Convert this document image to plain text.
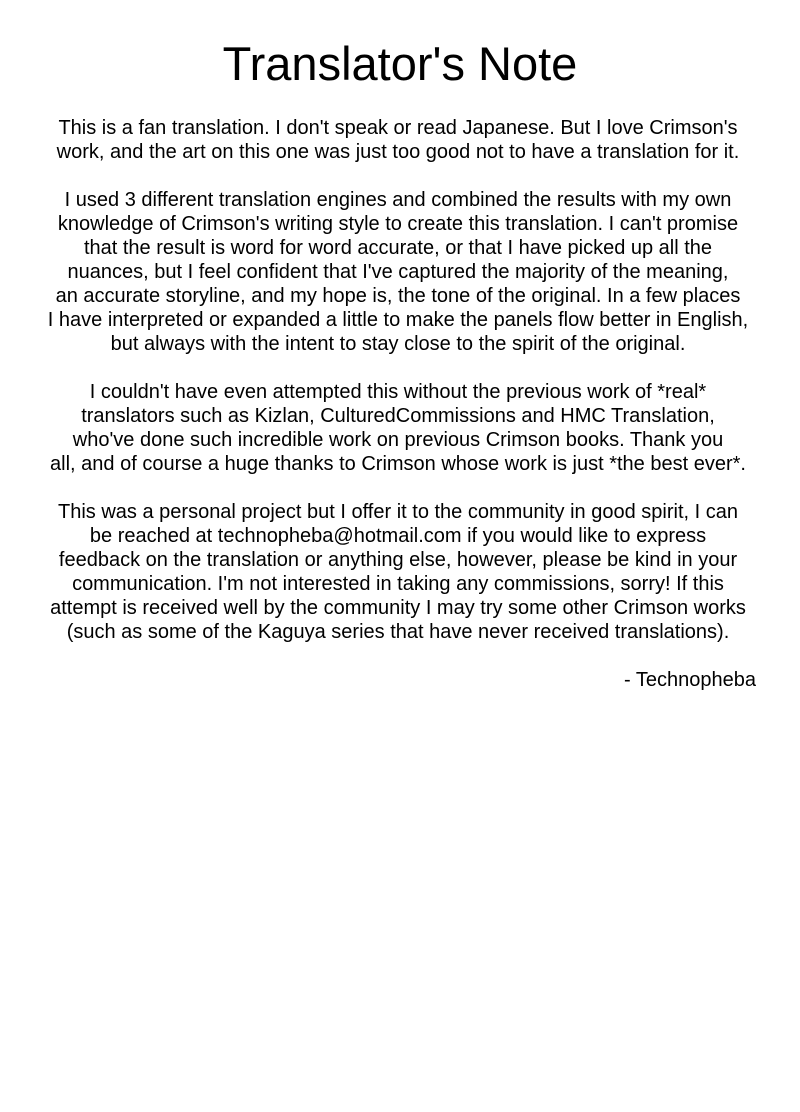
Translator's Note
This is a fan translation. I don't speak or read Japanese. But I love Crimson's
work, and the art on this one was just too good not to have a translation for it.
I used 3 different translation engines and combined the results with my own
knowledge of Crimson's writing style to create this translation. I can't promise
that the result is word for word accurate, or that I have picked up all the
nuances, but I feel confident that I've captured the majority of the meaning,
an accurate storyline, and my hope is, the tone of the original. In a few places
I have interpreted or expanded a little to make the panels flow better in English,
but always with the intent to stay close to the spirit of the original.
I couldn't have even attempted this without the previous work of *real*
translators such as Kizlan, CulturedCommissions and HMC Translation,
who've done such incredible work on previous Crimson books. Thank you
all, and of course a huge thanks to Crimson whose work is just *the best ever*.
This was a personal project but I offer it to the community in good spirit, I can
be reached at technopheba@hotmail.com if you would like to express
feedback on the translation or anything else, however, please be kind in your
communication. I'm not interested in taking any commissions, sorry! If this
attempt is received well by the community I may try some other Crimson works
(such as some of the Kaguya series that have never received translations).
- Technopheba
